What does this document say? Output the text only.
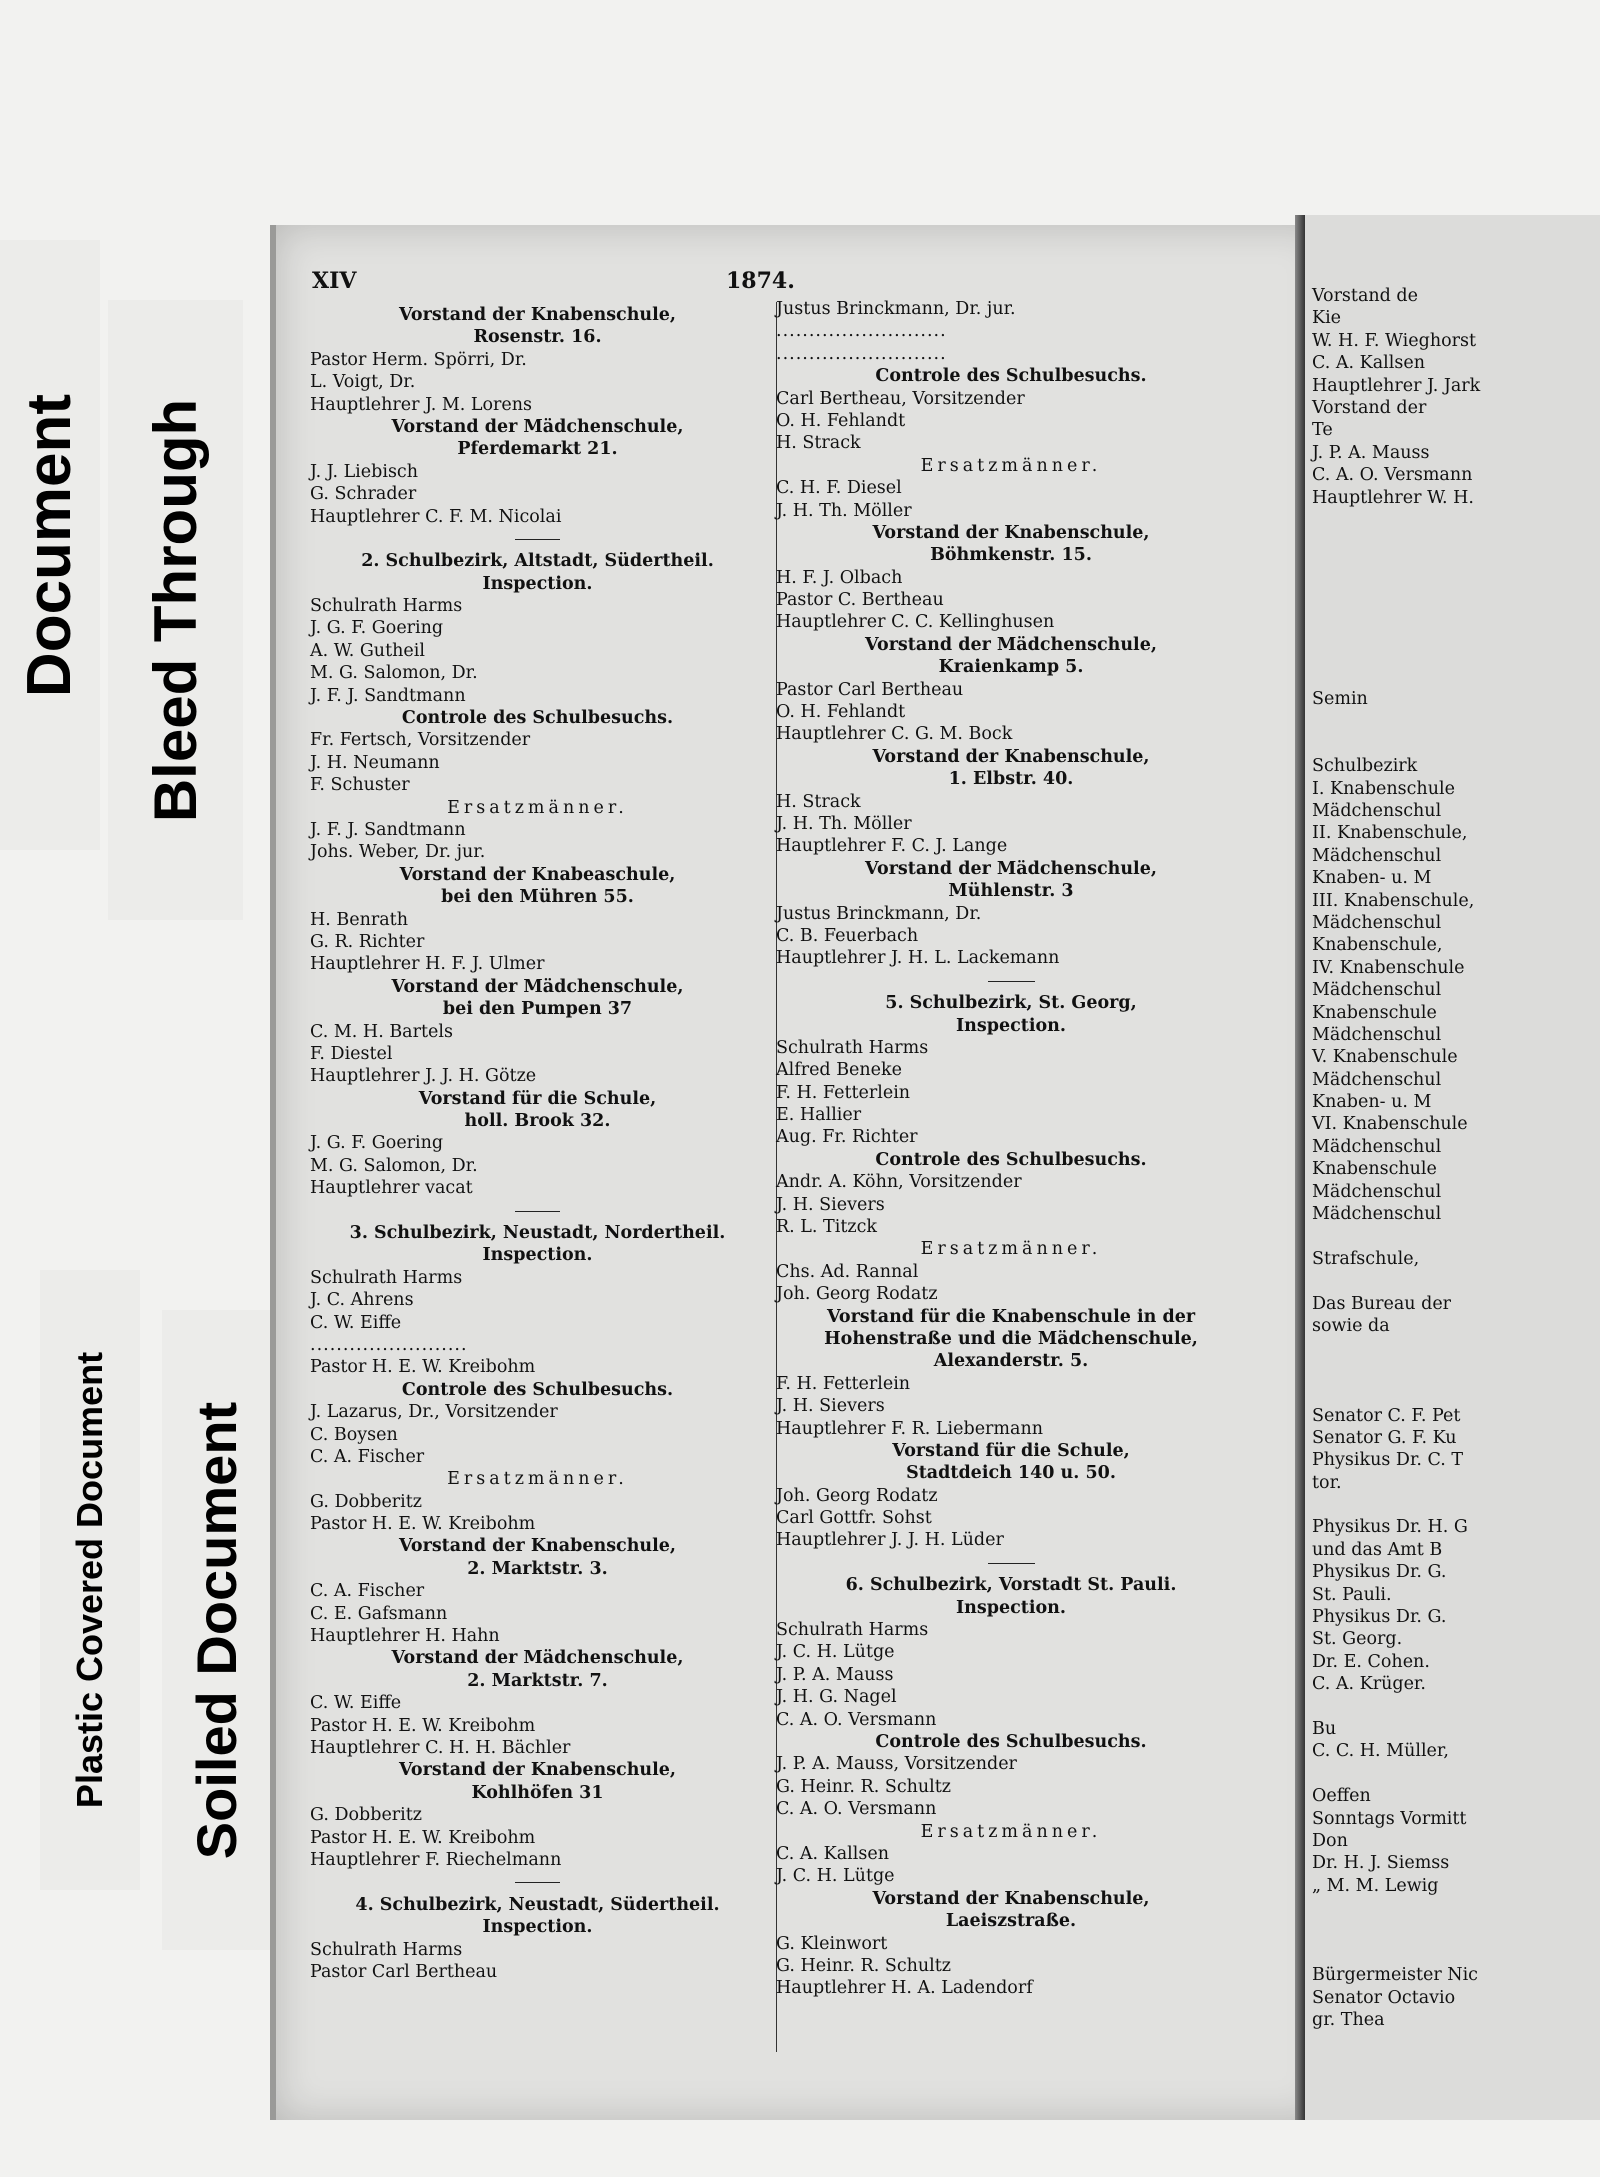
Document Bleed Through
Plastic Covered Document Soiled Document
XIV	1874.
Vorstand der Knabenschule,
Rosenstr. 16.
Pastor Herm. Spörri, Dr.
L. Voigt, Dr.
Hauptlehrer J. M. Lorens
Vorstand der Mädchenschule,
Pferdemarkt 21.
J. J. Liebisch
G. Schrader
Hauptlehrer C. F. M. Nicolai
2. Schulbezirk, Altstadt, Südertheil.
Inspection.
Schulrath Harms
J. G. F. Goering
A. W. Gutheil
M. G. Salomon, Dr.
J. F. J. Sandtmann
Controle des Schulbesuchs.
Fr. Fertsch, Vorsitzender
J. H. Neumann
F. Schuster
Ersatzmänner.
J. F. J. Sandtmann
Johs. Weber, Dr. jur.
Vorstand der Knabeaschule,
bei den Mühren 55.
H. Benrath
G. R. Richter
Hauptlehrer H. F. J. Ulmer
Vorstand der Mädchenschule,
bei den Pumpen 37
C. M. H. Bartels
F. Diestel
Hauptlehrer J. J. H. Götze
Vorstand für die Schule,
holl. Brook 32.
J. G. F. Goering
M. G. Salomon, Dr.
Hauptlehrer vacat
3. Schulbezirk, Neustadt, Nordertheil.
Inspection.
Schulrath Harms
J. C. Ahrens
C. W. Eiffe
........................
Pastor H. E. W. Kreibohm
Controle des Schulbesuchs.
J. Lazarus, Dr., Vorsitzender
C. Boysen
C. A. Fischer
Ersatzmänner.
G. Dobberitz
Pastor H. E. W. Kreibohm
Vorstand der Knabenschule,
2. Marktstr. 3.
C. A. Fischer
C. E. Gafsmann
Hauptlehrer H. Hahn
Vorstand der Mädchenschule,
2. Marktstr. 7.
C. W. Eiffe
Pastor H. E. W. Kreibohm
Hauptlehrer C. H. H. Bächler
Vorstand der Knabenschule,
Kohlhöfen 31
G. Dobberitz
Pastor H. E. W. Kreibohm
Hauptlehrer F. Riechelmann
4. Schulbezirk, Neustadt, Südertheil.
Inspection.
Schulrath Harms
Pastor Carl Bertheau
Justus Brinckmann, Dr. jur.
..........................
..........................
Controle des Schulbesuchs.
Carl Bertheau, Vorsitzender
O. H. Fehlandt
H. Strack
Ersatzmänner.
C. H. F. Diesel
J. H. Th. Möller
Vorstand der Knabenschule,
Böhmkenstr. 15.
H. F. J. Olbach
Pastor C. Bertheau
Hauptlehrer C. C. Kellinghusen
Vorstand der Mädchenschule,
Kraienkamp 5.
Pastor Carl Bertheau
O. H. Fehlandt
Hauptlehrer C. G. M. Bock
Vorstand der Knabenschule,
1. Elbstr. 40.
H. Strack
J. H. Th. Möller
Hauptlehrer F. C. J. Lange
Vorstand der Mädchenschule,
Mühlenstr. 3
Justus Brinckmann, Dr.
C. B. Feuerbach
Hauptlehrer J. H. L. Lackemann
5. Schulbezirk, St. Georg,
Inspection.
Schulrath Harms
Alfred Beneke
F. H. Fetterlein
E. Hallier
Aug. Fr. Richter
Controle des Schulbesuchs.
Andr. A. Köhn, Vorsitzender
J. H. Sievers
R. L. Titzck
Ersatzmänner.
Chs. Ad. Rannal
Joh. Georg Rodatz
Vorstand für die Knabenschule in der
Hohenstraße und die Mädchenschule,
Alexanderstr. 5.
F. H. Fetterlein
J. H. Sievers
Hauptlehrer F. R. Liebermann
Vorstand für die Schule,
Stadtdeich 140 u. 50.
Joh. Georg Rodatz
Carl Gottfr. Sohst
Hauptlehrer J. J. H. Lüder
6. Schulbezirk, Vorstadt St. Pauli.
Inspection.
Schulrath Harms
J. C. H. Lütge
J. P. A. Mauss
J. H. G. Nagel
C. A. O. Versmann
Controle des Schulbesuchs.
J. P. A. Mauss, Vorsitzender
G. Heinr. R. Schultz
C. A. O. Versmann
Ersatzmänner.
C. A. Kallsen
J. C. H. Lütge
Vorstand der Knabenschule,
Laeiszstraße.
G. Kleinwort
G. Heinr. R. Schultz
Hauptlehrer H. A. Ladendorf
Vorstand de
Kie
W. H. F. Wieghorst
C. A. Kallsen
Hauptlehrer J. Jark
Vorstand der
Te
J. P. A. Mauss
C. A. O. Versmann
Hauptlehrer W. H.
Semin
Schulbezirk
I. Knabenschule
Mädchenschul
II. Knabenschule,
Mädchenschul
Knaben- u. M
III. Knabenschule,
Mädchenschul
Knabenschule,
IV. Knabenschule
Mädchenschul
Knabenschule
Mädchenschul
V. Knabenschule
Mädchenschul
Knaben- u. M
VI. Knabenschule
Mädchenschul
Knabenschule
Mädchenschul
Mädchenschul
Strafschule,
Das Bureau der
sowie da
Senator C. F. Pet
Senator G. F. Ku
Physikus Dr. C. T
tor.
Physikus Dr. H. G
und das Amt B
Physikus Dr. G.
St. Pauli.
Physikus Dr. G.
St. Georg.
Dr. E. Cohen.
C. A. Krüger.
Bu
C. C. H. Müller,
Oeffen
Sonntags Vormitt
Don
Dr. H. J. Siemss
„ M. M. Lewig
Bürgermeister Nic
Senator Octavio
gr. Thea
